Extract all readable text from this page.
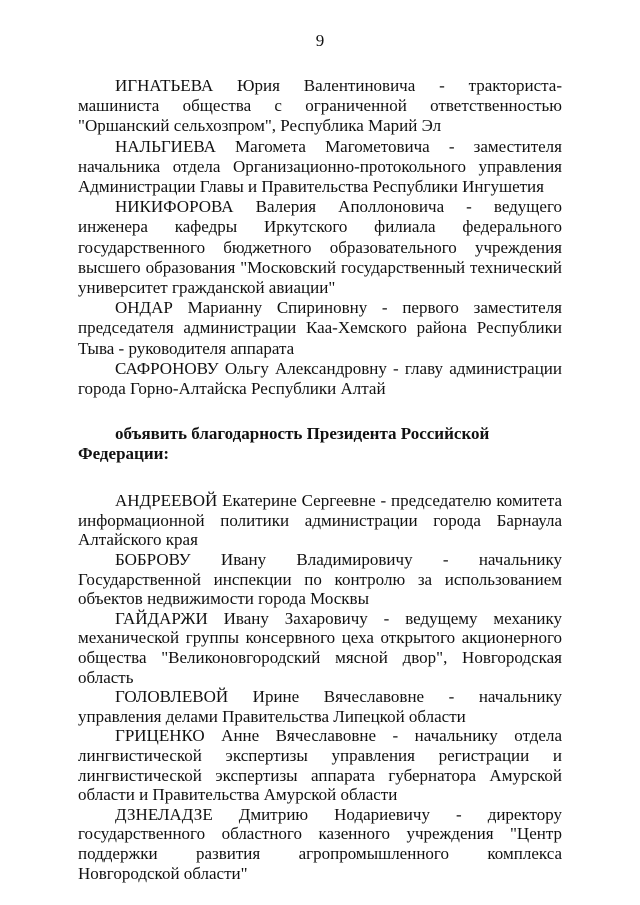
9

ИГНАТЬЕВА Юрия Валентиновича - тракториста-машиниста общества с ограниченной ответственностью "Оршанский сельхозпром", Республика Марий Эл

НАЛЬГИЕВА Магомета Магометовича - заместителя начальника отдела Организационно-протокольного управления Администрации Главы и Правительства Республики Ингушетия

НИКИФОРОВА Валерия Аполлоновича - ведущего инженера кафедры Иркутского филиала федерального государственного бюджетного образовательного учреждения высшего образования "Московский государственный технический университет гражданской авиации"

ОНДАР Марианну Спириновну - первого заместителя председателя администрации Каа-Хемского района Республики Тыва - руководителя аппарата

САФРОНОВУ Ольгу Александровну - главу администрации города Горно-Алтайска Республики Алтай

объявить благодарность Президента Российской Федерации:

АНДРЕЕВОЙ Екатерине Сергеевне - председателю комитета информационной политики администрации города Барнаула Алтайского края

БОБРОВУ Ивану Владимировичу - начальнику Государственной инспекции по контролю за использованием объектов недвижимости города Москвы

ГАЙДАРЖИ Ивану Захаровичу - ведущему механику механической группы консервного цеха открытого акционерного общества "Великоновгородский мясной двор", Новгородская область

ГОЛОВЛЕВОЙ Ирине Вячеславовне - начальнику управления делами Правительства Липецкой области

ГРИЦЕНКО Анне Вячеславовне - начальнику отдела лингвистической экспертизы управления регистрации и лингвистической экспертизы аппарата губернатора Амурской области и Правительства Амурской области

ДЗНЕЛАДЗЕ Дмитрию Нодариевичу - директору государственного областного казенного учреждения "Центр поддержки развития агропромышленного комплекса Новгородской области"
